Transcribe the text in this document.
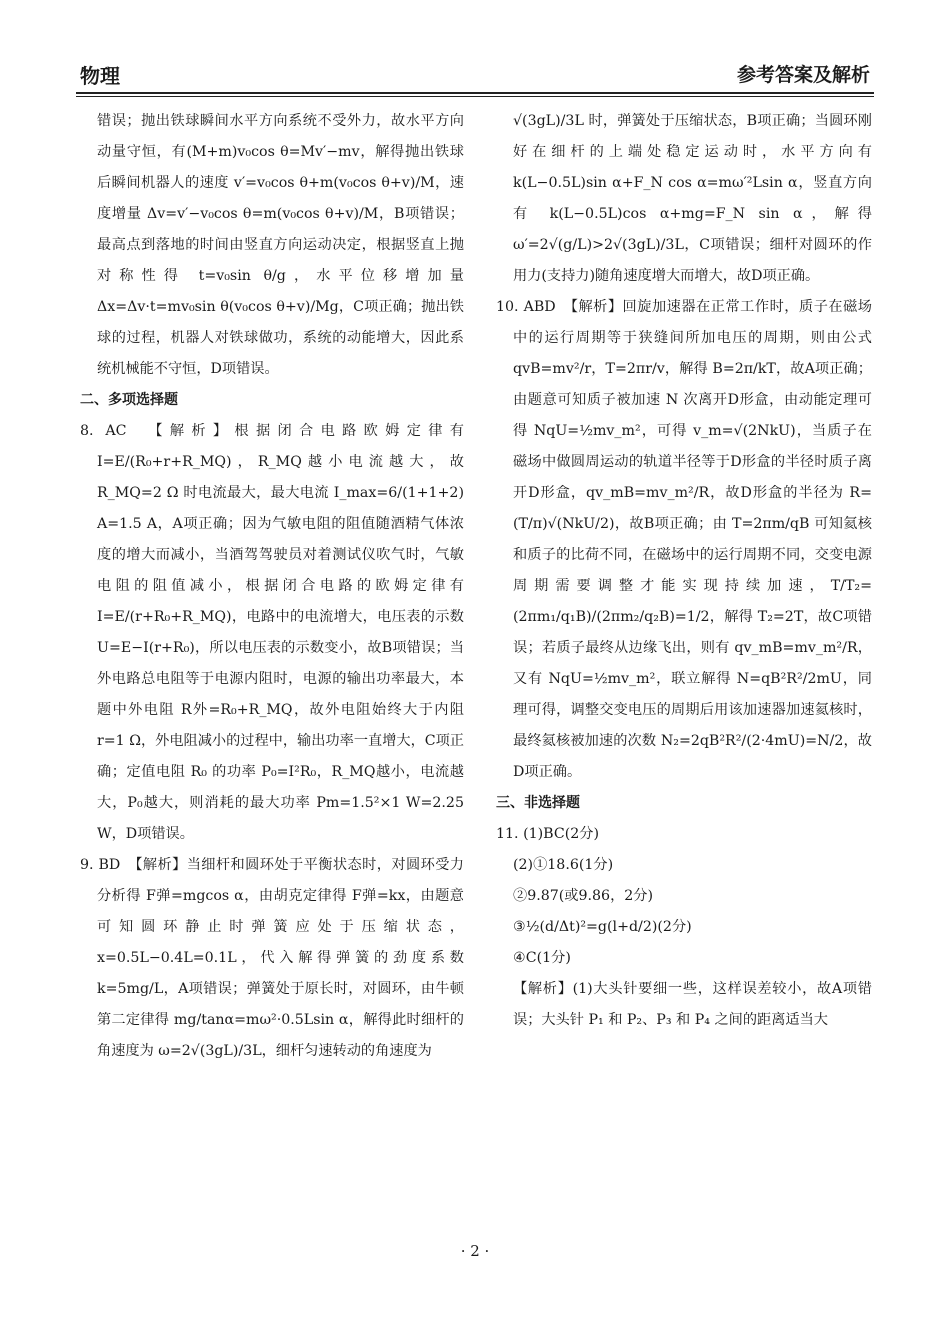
物理	参考答案及解析

错误；抛出铁球瞬间水平方向系统不受外力，故水平方向动量守恒，有(M+m)v₀cos θ=Mv′−mv，解得抛出铁球后瞬间机器人的速度 v′=v₀cos θ+m(v₀cos θ+v)/M，速度增量 Δv=v′−v₀cos θ=m(v₀cos θ+v)/M，B项错误；最高点到落地的时间由竖直方向运动决定，根据竖直上抛对称性得 t=v₀sin θ/g，水平位移增加量 Δx=Δv·t=mv₀sin θ(v₀cos θ+v)/Mg，C项正确；抛出铁球的过程，机器人对铁球做功，系统的动能增大，因此系统机械能不守恒，D项错误。

二、多项选择题

8. AC　【解析】根据闭合电路欧姆定律有 I=E/(R₀+r+R_MQ)，R_MQ越小电流越大，故 R_MQ=2 Ω 时电流最大，最大电流 I_max=6/(1+1+2) A=1.5 A，A项正确；因为气敏电阻的阻值随酒精气体浓度的增大而减小，当酒驾驾驶员对着测试仪吹气时，气敏电阻的阻值减小，根据闭合电路的欧姆定律有 I=E/(r+R₀+R_MQ)，电路中的电流增大，电压表的示数 U=E−I(r+R₀)，所以电压表的示数变小，故B项错误；当外电路总电阻等于电源内阻时，电源的输出功率最大，本题中外电阻 R外=R₀+R_MQ，故外电阻始终大于内阻 r=1 Ω，外电阻减小的过程中，输出功率一直增大，C项正确；定值电阻 R₀ 的功率 P₀=I²R₀，R_MQ越小，电流越大，P₀越大，则消耗的最大功率 Pm=1.5²×1 W=2.25 W，D项错误。

9. BD　【解析】当细杆和圆环处于平衡状态时，对圆环受力分析得 F弹=mgcos α，由胡克定律得 F弹=kx，由题意可知圆环静止时弹簧应处于压缩状态，x=0.5L−0.4L=0.1L，代入解得弹簧的劲度系数 k=5mg/L，A项错误；弹簧处于原长时，对圆环，由牛顿第二定律得 mg/tanα=mω²·0.5Lsin α，解得此时细杆的角速度为 ω=2√(3gL)/3L，细杆匀速转动的角速度为

√(3gL)/3L 时，弹簧处于压缩状态，B项正确；当圆环刚好在细杆的上端处稳定运动时，水平方向有 k(L−0.5L)sin α+F_N cos α=mω′²Lsin α，竖直方向有 k(L−0.5L)cos α+mg=F_N sin α，解得 ω′=2√(g/L)>2√(3gL)/3L，C项错误；细杆对圆环的作用力(支持力)随角速度增大而增大，故D项正确。

10. ABD　【解析】回旋加速器在正常工作时，质子在磁场中的运行周期等于狭缝间所加电压的周期，则由公式 qvB=mv²/r，T=2πr/v，解得 B=2π/kT，故A项正确；由题意可知质子被加速 N 次离开D形盒，由动能定理可得 NqU=½mv_m²，可得 v_m=√(2NkU)，当质子在磁场中做圆周运动的轨道半径等于D形盒的半径时质子离开D形盒，qv_mB=mv_m²/R，故D形盒的半径为 R=(T/π)√(NkU/2)，故B项正确；由 T=2πm/qB 可知氦核和质子的比荷不同，在磁场中的运行周期不同，交变电源周期需要调整才能实现持续加速，T/T₂=(2πm₁/q₁B)/(2πm₂/q₂B)=1/2，解得 T₂=2T，故C项错误；若质子最终从边缘飞出，则有 qv_mB=mv_m²/R，又有 NqU=½mv_m²，联立解得 N=qB²R²/2mU，同理可得，调整交变电压的周期后用该加速器加速氦核时，最终氦核被加速的次数 N₂=2qB²R²/(2·4mU)=N/2，故D项正确。

三、非选择题

11. (1)BC(2分)

(2)①18.6(1分)

②9.87(或9.86，2分)

③½(d/Δt)²=g(l+d/2)(2分)

④C(1分)

【解析】(1)大头针要细一些，这样误差较小，故A项错误；大头针 P₁ 和 P₂、P₃ 和 P₄ 之间的距离适当大

· 2 ·
